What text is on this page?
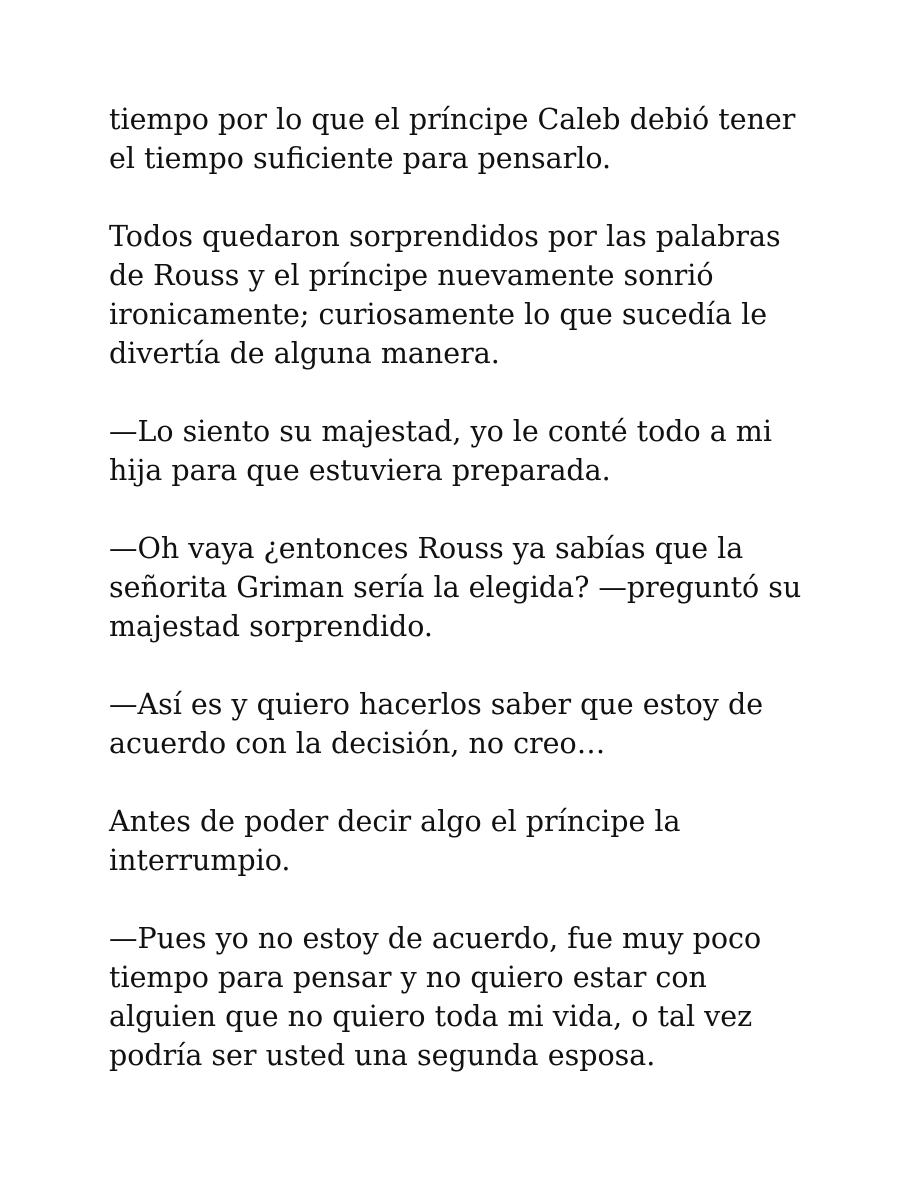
tiempo por lo que el príncipe Caleb debió tener
el tiempo suficiente para pensarlo.

Todos quedaron sorprendidos por las palabras
de Rouss y el príncipe nuevamente sonrió
ironicamente; curiosamente lo que sucedía le
divertía de alguna manera.

—Lo siento su majestad, yo le conté todo a mi
hija para que estuviera preparada.

—Oh vaya ¿entonces Rouss ya sabías que la
señorita Griman sería la elegida? —preguntó su
majestad sorprendido.

—Así es y quiero hacerlos saber que estoy de
acuerdo con la decisión, no creo…

Antes de poder decir algo el príncipe la
interrumpio.

—Pues yo no estoy de acuerdo, fue muy poco
tiempo para pensar y no quiero estar con
alguien que no quiero toda mi vida, o tal vez
podría ser usted una segunda esposa.
